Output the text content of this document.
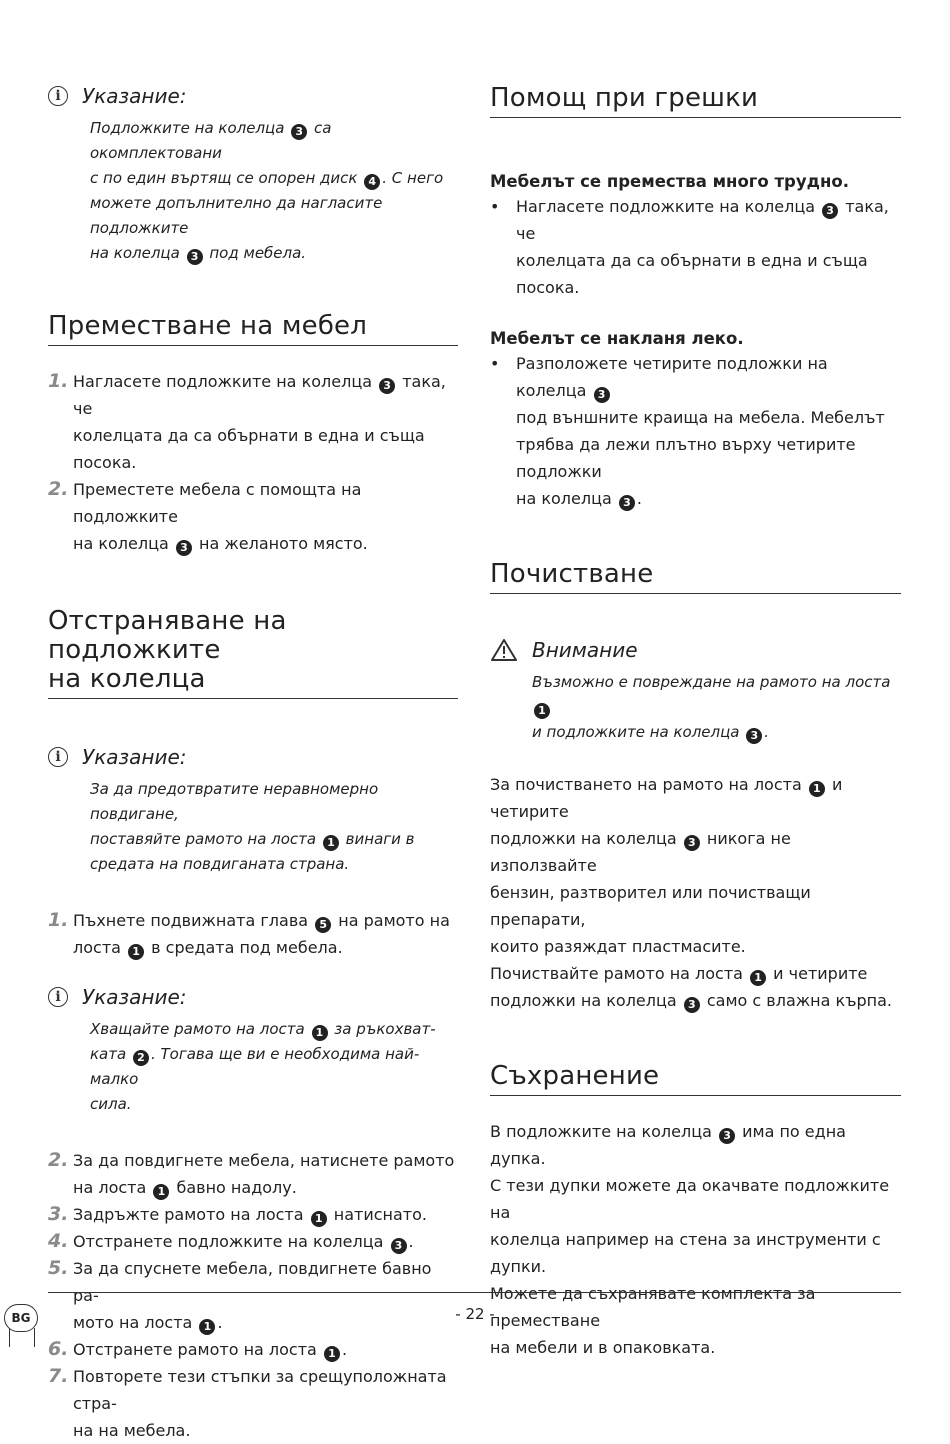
i	Указание:
Подложките на колелца 3 са окомплектовани
с по един въртящ се опорен диск 4 . С него
можете допълнително да нагласите подложките
на колелца 3 под мебела.
Преместване на мебел
1. Нагласете подложките на колелца 3 така, че
колелцата да са обърнати в една и съща посока.
2. Преместете мебела с помощта на подложките
на колелца 3 на желаното място.
Отстраняване на подложките
на колелца
i	Указание:
За да предотвратите неравномерно повдигане,
поставяйте рамото на лоста 1 винаги в
средата на повдиганата страна.
1. Пъхнете подвижната глава 5 на рамото на
лоста 1 в средата под мебела.
i	Указание:
Хващайте рамото на лоста 1 за ръкохват-
ката 2 . Тогава ще ви е необходима най-малко
сила.
2. За да повдигнете мебела, натиснете рамото
на лоста 1 бавно надолу.
3. Задръжте рамото на лоста 1 натиснато.
4. Отстранете подложките на колелца 3 .
5. За да спуснете мебела, повдигнете бавно ра-
мото на лоста 1 .
6. Отстранете рамото на лоста 1 .
7. Повторете тези стъпки за срещуположната стра-
на на мебела.
Помощ при грешки
Мебелът се премества много трудно.
•	Нагласете подложките на колелца 3 така, че
колелцата да са обърнати в една и съща посока.
Мебелът се накланя леко.
•	Разположете четирите подложки на колелца 3
под външните краища на мебела. Мебелът
трябва да лежи плътно върху четирите подложки
на колелца 3 .
Почистване
Внимание
Възможно е повреждане на рамото на лоста 1
и подложките на колелца 3 .
За почистването на рамото на лоста 1 и четирите
подложки на колелца 3 никога не използвайте
бензин, разтворител или почистващи препарати,
които разяждат пластмасите.
Почиствайте рамото на лоста 1 и четирите
подложки на колелца 3 само с влажна кърпа.
Съхранение
В подложките на колелца 3 има по една дупка.
С тези дупки можете да окачвате подложките на
колелца например на стена за инструменти с
дупки.
Можете да съхранявате комплекта за преместване
на мебели и в опаковката.
- 22 -
BG
